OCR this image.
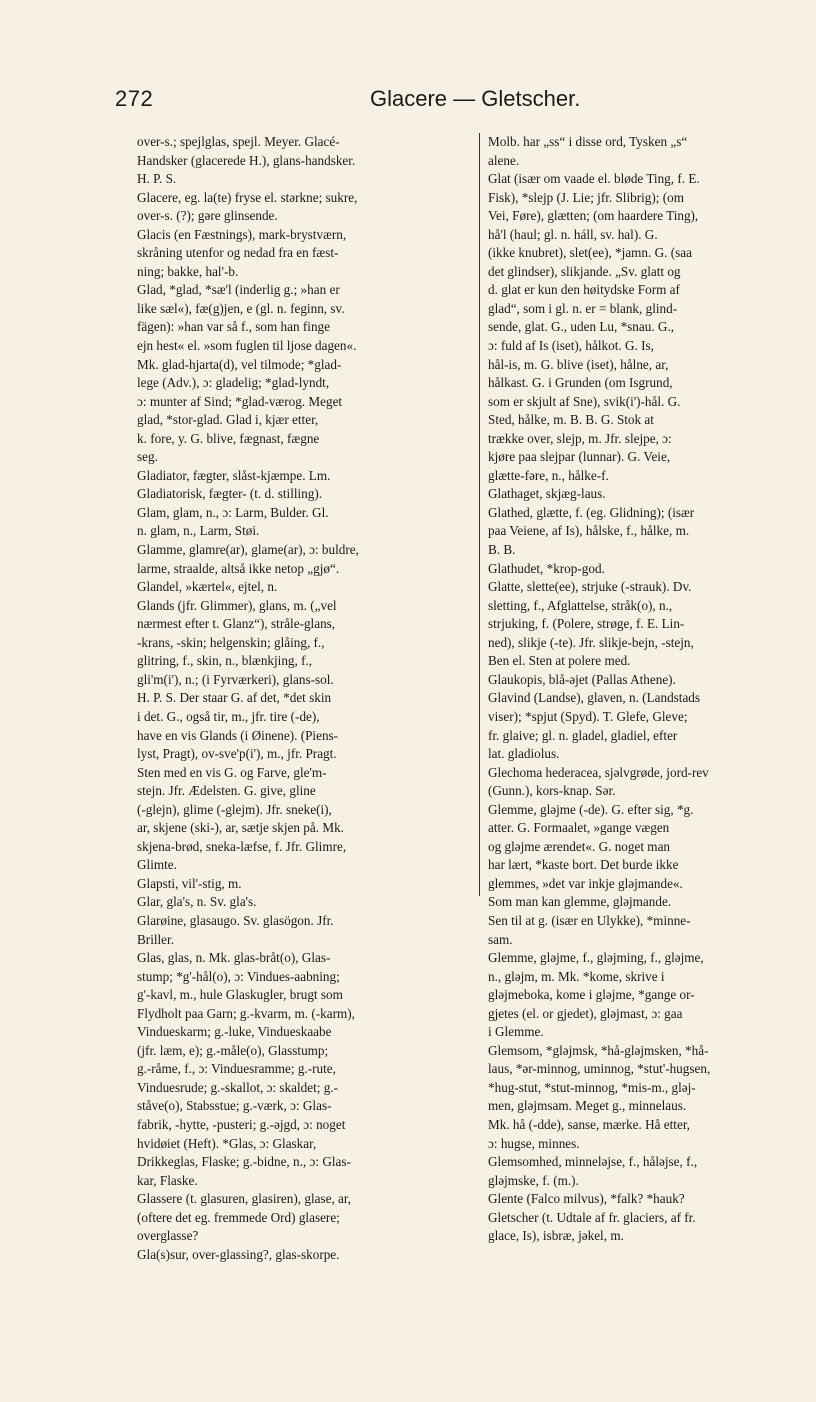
272	Glacere — Gletscher.
over-s.; spejlglas, spejl. Meyer. Glacé-
Handsker (glacerede H.), glans-handsker.
H. P. S.
Glacere, eg. la(te) fryse el. stərkne; sukre,
over-s. (?); gəre glinsende.
Glacis (en Fæstnings), mark-brystværn,
skråning utenfor og nedad fra en fæst-
ning; bakke, hal'-b.
Glad, *glad, *sæ'l (inderlig g.; »han er
like sæl«), fæ(g)jen, e (gl. n. feginn, sv.
fägen): »han var så f., som han finge
ejn hest« el. »som fuglen til ljose dagen«.
Mk. glad-hjarta(d), vel tilmode; *glad-
lege (Adv.), ɔ: gladelig; *glad-lyndt,
ɔ: munter af Sind; *glad-værog. Meget
glad, *stor-glad. Glad i, kjær etter,
k. fore, y. G. blive, fægnast, fægne
seg.
Gladiator, fægter, slåst-kjæmpe. Lm.
Gladiatorisk, fægter- (t. d. stilling).
Glam, glam, n., ɔ: Larm, Bulder. Gl.
n. glam, n., Larm, Støi.
Glamme, glamre(ar), glame(ar), ɔ: buldre,
larme, straalde, altså ikke netop „gjø“.
Glandel, »kærtel«, ejtel, n.
Glands (jfr. Glimmer), glans, m. („vel
nærmest efter t. Glanz“), stråle-glans,
-krans, -skin; helgenskin; glåing, f.,
glitring, f., skin, n., blænkjing, f.,
gli'm(i'), n.; (i Fyrværkeri), glans-sol.
H. P. S. Der staar G. af det, *det skin
i det. G., også tir, m., jfr. tire (-de),
have en vis Glands (i Øinene). (Piens-
lyst, Pragt), ov-sve'p(i'), m., jfr. Pragt.
Sten med en vis G. og Farve, gle'm-
stejn. Jfr. Ædelsten. G. give, gline
(-glejn), glime (-glejm). Jfr. sneke(i),
ar, skjene (ski-), ar, sætje skjen på. Mk.
skjena-brød, sneka-læfse, f. Jfr. Glimre,
Glimte.
Glapsti, vil'-stig, m.
Glar, gla's, n. Sv. gla's.
Glarøine, glasaugo. Sv. glasögon. Jfr.
Briller.
Glas, glas, n. Mk. glas-bråt(o), Glas-
stump; *g'-hål(o), ɔ: Vindues-aabning;
g'-kavl, m., hule Glaskugler, brugt som
Flydholt paa Garn; g.-kvarm, m. (-karm),
Vindueskarm; g.-luke, Vindueskaabe
(jfr. læm, e); g.-måle(o), Glasstump;
g.-råme, f., ɔ: Vinduesramme; g.-rute,
Vinduesrude; g.-skallot, ɔ: skaldet; g.-
ståve(o), Stabsstue; g.-værk, ɔ: Glas-
fabrik, -hytte, -pusteri; g.-əjgd, ɔ: noget
hvidøiet (Heft). *Glas, ɔ: Glaskar,
Drikkeglas, Flaske; g.-bidne, n., ɔ: Glas-
kar, Flaske.
Glassere (t. glasuren, glasiren), glase, ar,
(oftere det eg. fremmede Ord) glasere;
overglasse?
Gla(s)sur, over-glassing?, glas-skorpe.
Molb. har „ss“ i disse ord, Tysken „s“
alene.
Glat (især om vaade el. bløde Ting, f. E.
Fisk), *slejp (J. Lie; jfr. Slibrig); (om
Vei, Føre), glætten; (om haardere Ting),
hå'l (haul; gl. n. háll, sv. hal). G.
(ikke knubret), slet(ee), *jamn. G. (saa
det glindser), slikjande. „Sv. glatt og
d. glat er kun den høitydske Form af
glad“, som i gl. n. er = blank, glind-
sende, glat. G., uden Lu, *snau. G.,
ɔ: fuld af Is (iset), hålkot. G. Is,
hål-is, m. G. blive (iset), hålne, ar,
hålkast. G. i Grunden (om Isgrund,
som er skjult af Sne), svik(i')-hål. G.
Sted, hålke, m. B. B. G. Stok at
trække over, slejp, m. Jfr. slejpe, ɔ:
kjøre paa slejpar (lunnar). G. Veie,
glætte-fəre, n., hålke-f.
Glathaget, skjæg-laus.
Glathed, glætte, f. (eg. Glidning); (især
paa Veiene, af Is), hålske, f., hålke, m.
B. B.
Glathudet, *krop-god.
Glatte, slette(ee), strjuke (-strauk). Dv.
sletting, f., Afglattelse, stråk(o), n.,
strjuking, f. (Polere, strøge, f. E. Lin-
ned), slikje (-te). Jfr. slikje-bejn, -stejn,
Ben el. Sten at polere med.
Glaukopis, blå-əjet (Pallas Athene).
Glavind (Landse), glaven, n. (Landstads
viser); *spjut (Spyd). T. Glefe, Gleve;
fr. glaive; gl. n. gladel, gladiel, efter
lat. gladiolus.
Glechoma hederacea, sjəlvgrøde, jord-rev
(Gunn.), kors-knap. Sər.
Glemme, gləjme (-de). G. efter sig, *g.
atter. G. Formaalet, »gange vægen
og gləjme ærendet«. G. noget man
har lært, *kaste bort. Det burde ikke
glemmes, »det var inkje gləjmande«.
Som man kan glemme, gləjmande.
Sen til at g. (især en Ulykke), *minne-
sam.
Glemme, gləjme, f., gləjming, f., gləjme,
n., gləjm, m. Mk. *kome, skrive i
gləjmeboka, kome i gləjme, *gange or-
gjetes (el. or gjedet), gləjmast, ɔ: gaa
i Glemme.
Glemsom, *gləjmsk, *hå-gləjmsken, *hå-
laus, *ər-minnog, uminnog, *stut'-hugsen,
*hug-stut, *stut-minnog, *mis-m., gləj-
men, gləjmsam. Meget g., minnelaus.
Mk. hå (-dde), sanse, mærke. Hå etter,
ɔ: hugse, minnes.
Glemsomhed, minneləjse, f., håləjse, f.,
gləjmske, f. (m.).
Glente (Falco milvus), *falk? *hauk?
Gletscher (t. Udtale af fr. glaciers, af fr.
glace, Is), isbræ, jəkel, m.
